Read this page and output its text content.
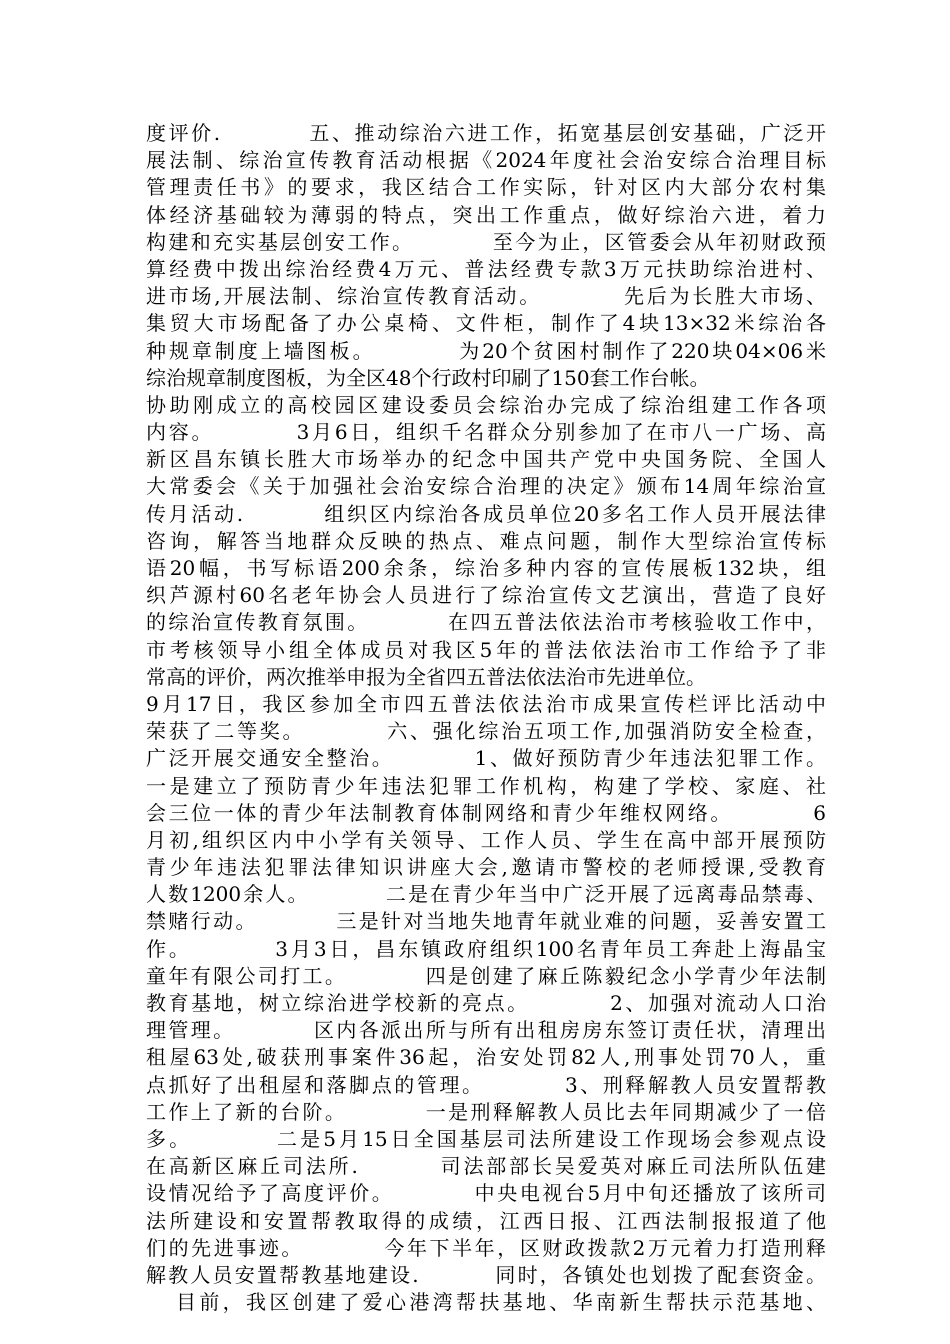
度评价.          五、推动综治六进工作，拓宽基层创安基础，广泛开
展法制、综治宣传教育活动根据《2024年度社会治安综合治理目标
管理责任书》的要求，我区结合工作实际，针对区内大部分农村集
体经济基础较为薄弱的特点，突出工作重点，做好综治六进，着力
构建和充实基层创安工作。         至今为止，区管委会从年初财政预
算经费中拨出综治经费4万元、普法经费专款3万元扶助综治进村、
进市场,开展法制、综治宣传教育活动。         先后为长胜大市场、
集贸大市场配备了办公桌椅、文件柜，制作了4块13×32米综治各
种规章制度上墙图板。         为20个贫困村制作了220块04×06米
综治规章制度图板，为全区48个行政村印刷了150套工作台帐。
协助刚成立的高校园区建设委员会综治办完成了综治组建工作各项
内容。         3月6日，组织千名群众分别参加了在市八一广场、高
新区昌东镇长胜大市场举办的纪念中国共产党中央国务院、全国人
大常委会《关于加强社会治安综合治理的决定》颁布14周年综治宣
传月活动.         组织区内综治各成员单位20多名工作人员开展法律
咨询，解答当地群众反映的热点、难点问题，制作大型综治宣传标
语20幅，书写标语200余条，综治多种内容的宣传展板132块，组
织芦源村60名老年协会人员进行了综治宣传文艺演出，营造了良好
的综治宣传教育氛围。         在四五普法依法治市考核验收工作中，
市考核领导小组全体成员对我区5年的普法依法治市工作给予了非
常高的评价，两次推举申报为全省四五普法依法治市先进单位。
9月17日，我区参加全市四五普法依法治市成果宣传栏评比活动中
荣获了二等奖。         六、强化综治五项工作,加强消防安全检查，
广泛开展交通安全整治。         1、做好预防青少年违法犯罪工作。
一是建立了预防青少年违法犯罪工作机构，构建了学校、家庭、社
会三位一体的青少年法制教育体制网络和青少年维权网络。         6
月初,组织区内中小学有关领导、工作人员、学生在高中部开展预防
青少年违法犯罪法律知识讲座大会,邀请市警校的老师授课,受教育
人数1200余人。         二是在青少年当中广泛开展了远离毒品禁毒、
禁赌行动。         三是针对当地失地青年就业难的问题，妥善安置工
作。         3月3日，昌东镇政府组织100名青年员工奔赴上海晶宝
童年有限公司打工。         四是创建了麻丘陈毅纪念小学青少年法制
教育基地，树立综治进学校新的亮点。         2、加强对流动人口治
理管理。         区内各派出所与所有出租房房东签订责任状，清理出
租屋63处,破获刑事案件36起，治安处罚82人,刑事处罚70人，重
点抓好了出租屋和落脚点的管理。         3、刑释解教人员安置帮教
工作上了新的台阶。         一是刑释解教人员比去年同期减少了一倍
多。         二是5月15日全国基层司法所建设工作现场会参观点设
在高新区麻丘司法所.         司法部部长吴爱英对麻丘司法所队伍建
设情况给予了高度评价。         中央电视台5月中旬还播放了该所司
法所建设和安置帮教取得的成绩，江西日报、江西法制报报道了他
们的先进事迹。         今年下半年，区财政拨款2万元着力打造刑释
解教人员安置帮教基地建设.         同时，各镇处也划拨了配套资金。
目前，我区创建了爱心港湾帮扶基地、华南新生帮扶示范基地、
